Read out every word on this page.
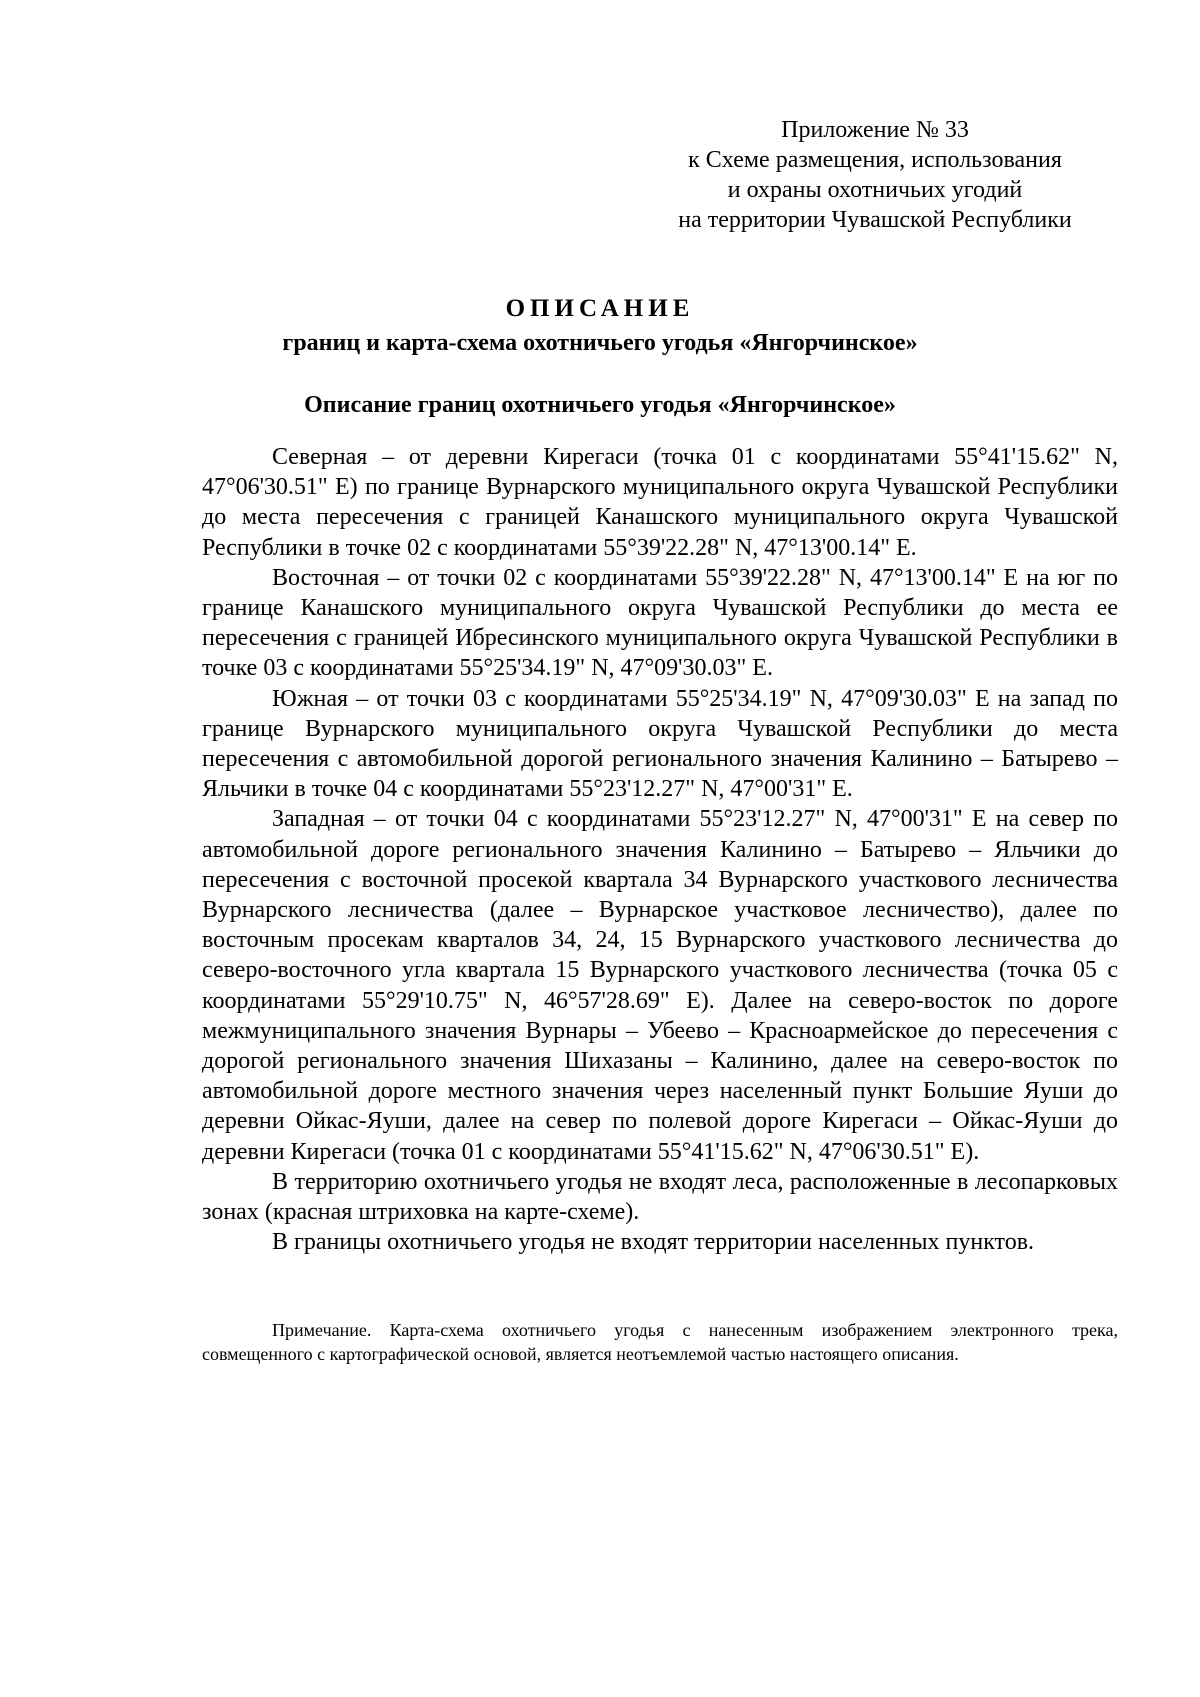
Приложение № 33
к Схеме размещения, использования
и охраны охотничьих угодий
на территории Чувашской Республики
ОПИСАНИЕ
границ и карта-схема охотничьего угодья «Янгорчинское»
Описание границ охотничьего угодья «Янгорчинское»

Северная – от деревни Кирегаси (точка 01 с координатами 55°41'15.62" N, 47°06'30.51" E) по границе Вурнарского муниципального округа Чувашской Республики до места пересечения с границей Канашского муниципального округа Чувашской Республики в точке 02 с координатами 55°39'22.28" N, 47°13'00.14" E.

Восточная – от точки 02 с координатами 55°39'22.28" N, 47°13'00.14" E на юг по границе Канашского муниципального округа Чувашской Республики до места ее пересечения с границей Ибресинского муниципального округа Чувашской Республики в точке 03 с координатами 55°25'34.19" N, 47°09'30.03" E.

Южная – от точки 03 с координатами 55°25'34.19" N, 47°09'30.03" E на запад по границе Вурнарского муниципального округа Чувашской Республики до места пересечения с автомобильной дорогой регионального значения Калинино – Батырево – Яльчики в точке 04 с координатами 55°23'12.27" N, 47°00'31" E.

Западная – от точки 04 с координатами 55°23'12.27" N, 47°00'31" E на север по автомобильной дороге регионального значения Калинино – Батырево – Яльчики до пересечения с восточной просекой квартала 34 Вурнарского участкового лесничества Вурнарского лесничества (далее – Вурнарское участковое лесничество), далее по восточным просекам кварталов 34, 24, 15 Вурнарского участкового лесничества до северо-восточного угла квартала 15 Вурнарского участкового лесничества (точка 05 с координатами 55°29'10.75" N, 46°57'28.69" E). Далее на северо-восток по дороге межмуниципального значения Вурнары – Убеево – Красноармейское до пересечения с дорогой регионального значения Шихазаны – Калинино, далее на северо-восток по автомобильной дороге местного значения через населенный пункт Большие Яуши до деревни Ойкас-Яуши, далее на север по полевой дороге Кирегаси – Ойкас-Яуши до деревни Кирегаси (точка 01 с координатами 55°41'15.62" N, 47°06'30.51" E).

В территорию охотничьего угодья не входят леса, расположенные в лесопарковых зонах (красная штриховка на карте-схеме).

В границы охотничьего угодья не входят территории населенных пунктов.

Примечание. Карта-схема охотничьего угодья с нанесенным изображением электронного трека, совмещенного с картографической основой, является неотъемлемой частью настоящего описания.
